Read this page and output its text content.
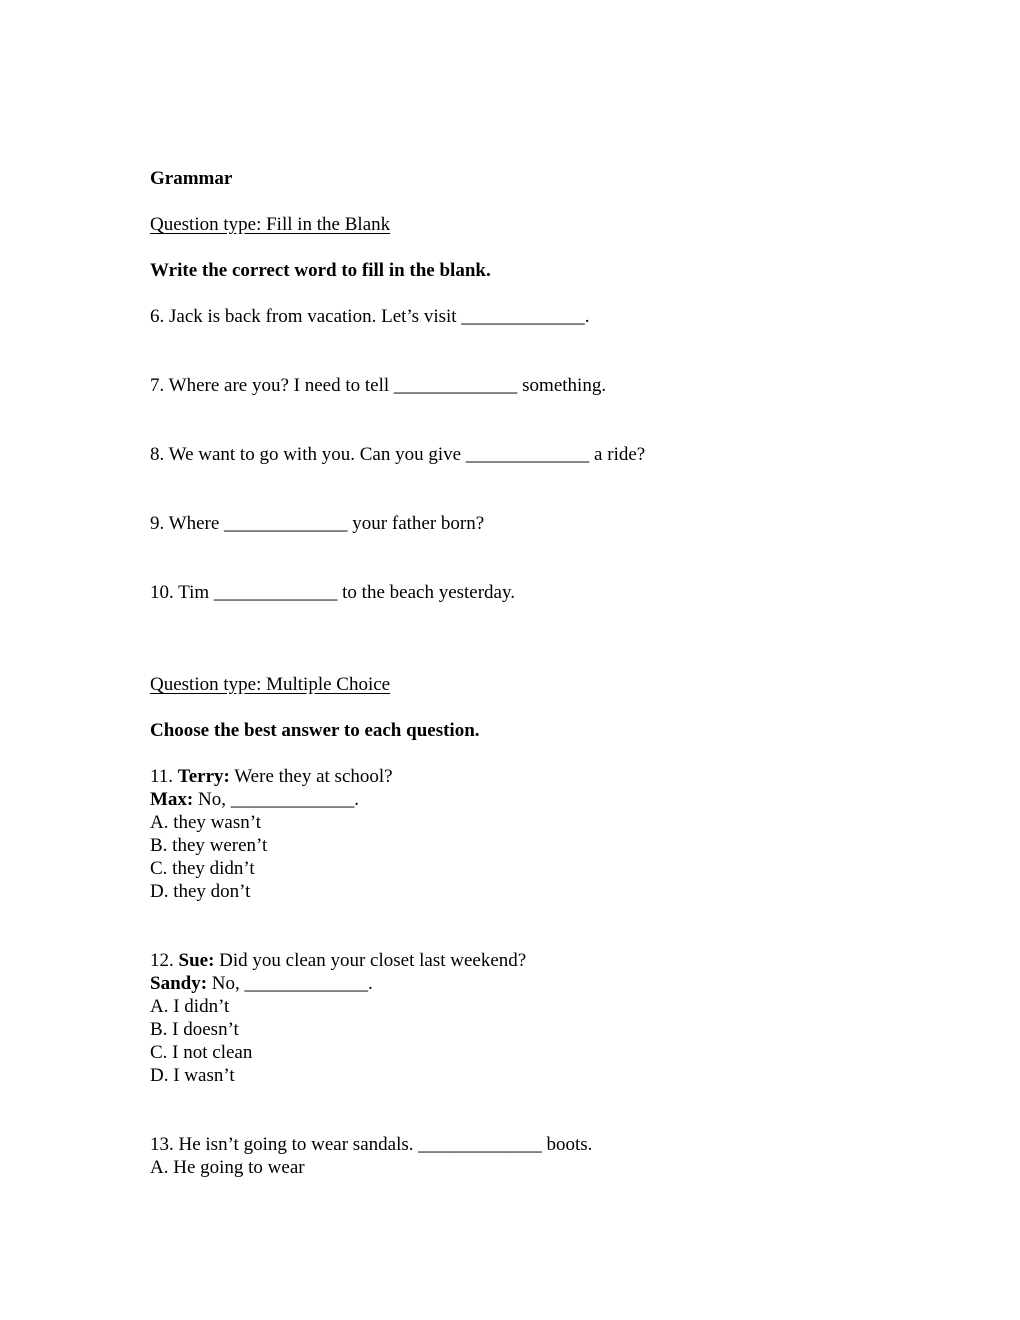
Grammar
Question type: Fill in the Blank
Write the correct word to fill in the blank.
6. Jack is back from vacation. Let’s visit _____________.
7. Where are you? I need to tell _____________ something.
8. We want to go with you. Can you give _____________ a ride?
9. Where _____________ your father born?
10. Tim _____________ to the beach yesterday.
Question type: Multiple Choice
Choose the best answer to each question.
11. Terry: Were they at school?
Max: No, _____________.
A. they wasn’t
B. they weren’t
C. they didn’t
D. they don’t
12. Sue: Did you clean your closet last weekend?
Sandy: No, _____________.
A. I didn’t
B. I doesn’t
C. I not clean
D. I wasn’t
13. He isn’t going to wear sandals. _____________ boots.
A. He going to wear
